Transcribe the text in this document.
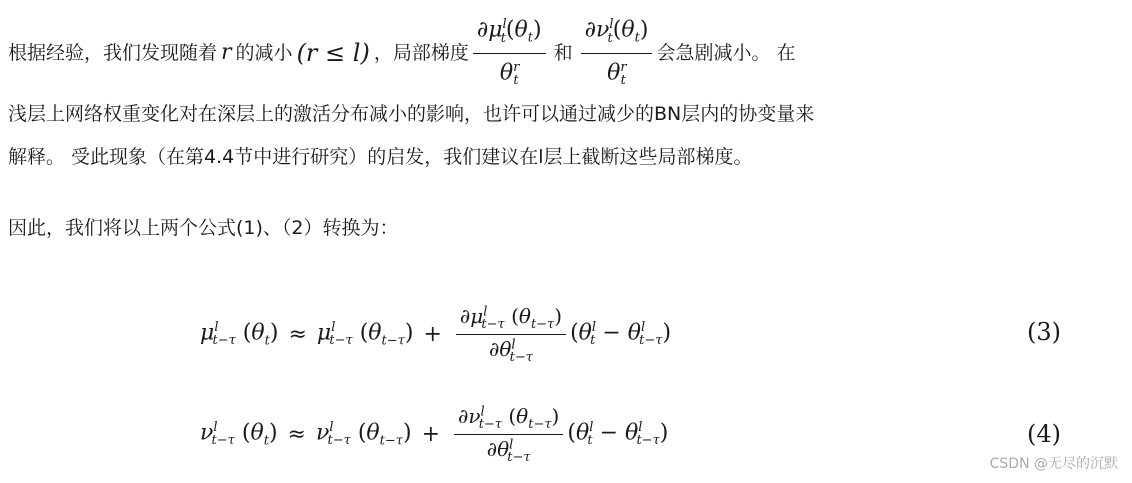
根据经验，我们发现随着 r 的减小 (r ≤ l) ，局部梯度 $\frac{\partial\mu^l_t(\theta_t)}{\theta^r_t}$ 和 $\frac{\partial\nu^l_t(\theta_t)}{\theta^r_t}$ 会急剧减小。 在
浅层上网络权重变化对在深层上的激活分布减小的影响，也许可以通过减少的BN层内的协变量来
解释。 受此现象（在第4.4节中进行研究）的启发，我们建议在l层上截断这些局部梯度。
因此，我们将以上两个公式(1)、（2）转换为：
$\mu^l_{t-\tau}$ $(\theta_t) \approx \mu^l_{t-\tau}$ $(\theta_{t-\tau}) + \frac{\partial\mu^l_{t-\tau} (\theta_{t-\tau})}{\partial\theta^l_{t-\tau}} (\theta^l_t - \theta^l_{t-\tau})$	(3)
$\nu^l_{t-\tau}$ $(\theta_t) \approx \nu^l_{t-\tau}$ $(\theta_{t-\tau}) + \frac{\partial\nu^l_{t-\tau} (\theta_{t-\tau})}{\partial\theta^l_{t-\tau}} (\theta^l_t - \theta^l_{t-\tau})$	(4)
CSDN @无尽的沉默
